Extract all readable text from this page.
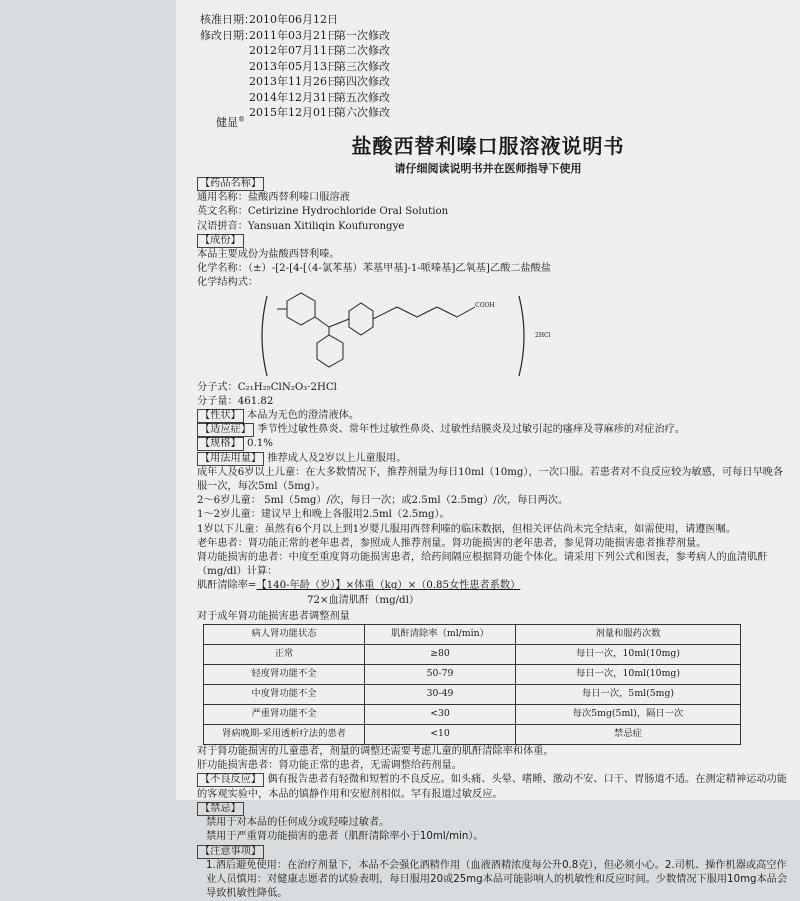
核准日期：2010年06月12日
修改日期：2011年03月21日第一次修改
2012年07月11日第二次修改
2013年05月13日第三次修改
2013年11月26日第四次修改
2014年12月31日第五次修改
2015年12月01日第六次修改
健显®
盐酸西替利嗪口服溶液说明书
请仔细阅读说明书并在医师指导下使用
【药品名称】
通用名称：盐酸西替利嗪口服溶液
英文名称：Cetirizine Hydrochloride Oral Solution
汉语拼音：Yansuan Xitiliqin Koufurongye
【成份】
本品主要成份为盐酸西替利嗪。
化学名称：（±）-[2-[4-[（4-氯苯基）苯基甲基]-1-哌嗪基]乙氧基]乙酸二盐酸盐
化学结构式：
COOH
2HCl
分子式：C₂₁H₂₅ClN₂O₃·2HCl
分子量：461.82
【性状】 本品为无色的澄清液体。
【适应症】 季节性过敏性鼻炎、常年性过敏性鼻炎、过敏性结膜炎及过敏引起的瘙痒及荨麻疹的对症治疗。
【规格】 0.1%
【用法用量】 推荐成人及2岁以上儿童服用。
成年人及6岁以上儿童：在大多数情况下，推荐剂量为每日10ml（10mg），一次口服。若患者对不良反应较为敏感，可每日早晚各服一次，每次5ml（5mg）。
2～6岁儿童： 5ml（5mg）/次，每日一次；或2.5ml（2.5mg）/次，每日两次。
1～2岁儿童：建议早上和晚上各服用2.5ml（2.5mg）。
1岁以下儿童：虽然有6个月以上到1岁婴儿服用西替利嗪的临床数据，但相关评估尚未完全结束，如需使用，请遵医嘱。
老年患者：肾功能正常的老年患者，参照成人推荐剂量。肾功能损害的老年患者，参见肾功能损害患者推荐剂量。
肾功能损害的患者：中度至重度肾功能损害患者，给药间隔应根据肾功能个体化。请采用下列公式和图表，参考病人的血清肌酐（mg/dl）计算：
肌酐清除率=【140-年龄（岁）】×体重（kg）×（0.85女性患者系数）
72×血清肌酐（mg/dl）
对于成年肾功能损害患者调整剂量
病人肾功能状态	肌酐清除率（ml/min）	剂量和服药次数
正常	≥80	每日一次，10ml(10mg)
轻度肾功能不全	50-79	每日一次，10ml(10mg)
中度肾功能不全	30-49	每日一次，5ml(5mg)
严重肾功能不全	<30	每次5mg(5ml)，隔日一次
肾病晚期-采用透析疗法的患者	<10	禁忌症
对于肾功能损害的儿童患者，剂量的调整还需要考虑儿童的肌酐清除率和体重。
肝功能损害患者：肾功能正常的患者，无需调整给药剂量。
【不良反应】 偶有报告患者有轻微和短暂的不良反应。如头痛、头晕、嗜睡、激动不安、口干、胃肠道不适。在测定精神运动功能的客观实验中，本品的镇静作用和安慰剂相似。罕有报道过敏反应。
【禁忌】
禁用于对本品的任何成分或羟嗪过敏者。
禁用于严重肾功能损害的患者（肌酐清除率小于10ml/min）。
【注意事项】
1.酒后避免使用：在治疗剂量下，本品不会强化酒精作用（血液酒精浓度每公升0.8克），但必须小心。2.司机、操作机器或高空作业人员慎用：对健康志愿者的试验表明，每日服用20或25mg本品可能影响人的机敏性和反应时间。少数情况下服用10mg本品会导致机敏性降低。
